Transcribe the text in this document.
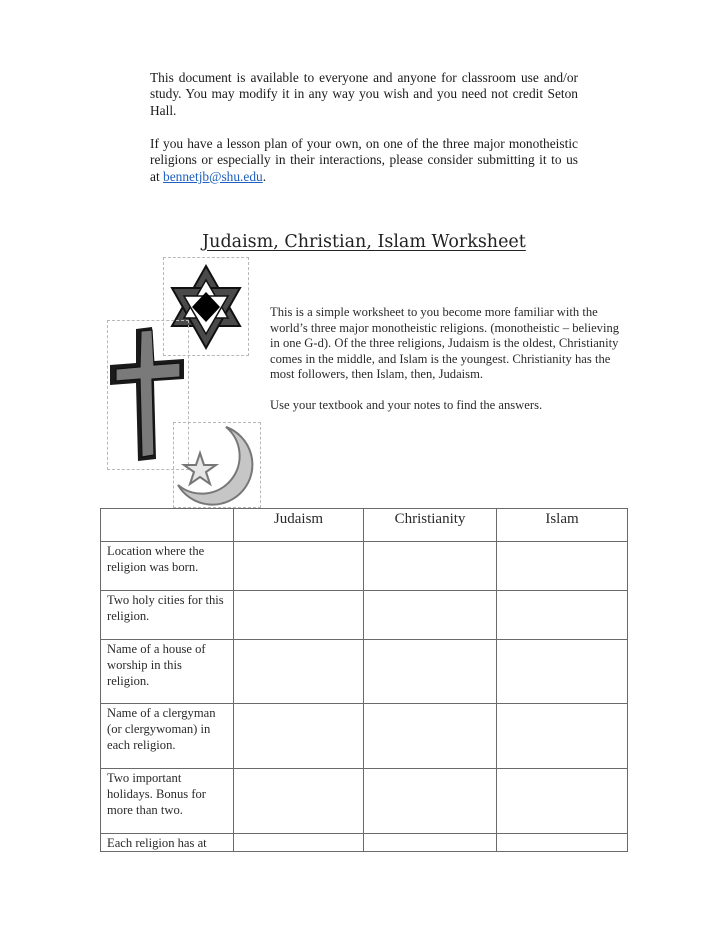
This document is available to everyone and anyone for classroom use and/or study. You may modify it in any way you wish and you need not credit Seton Hall.

If you have a lesson plan of your own, on one of the three major monotheistic religions or especially in their interactions, please consider submitting it to us at bennetjb@shu.edu.

Judaism, Christian, Islam Worksheet

This is a simple worksheet to you become more familiar with the world’s three major monotheistic religions. (monotheistic – believing in one G-d). Of the three religions, Judaism is the oldest, Christianity comes in the middle, and Islam is the youngest. Christianity has the most followers, then Islam, then, Judaism.

Use your textbook and your notes to find the answers.

	Judaism	Christianity	Islam
Location where the religion was born.			
Two holy cities for this religion.			
Name of a house of worship in this religion.			
Name of a clergyman (or clergywoman) in each religion.			
Two important holidays. Bonus for more than two.			
Each religion has at			
